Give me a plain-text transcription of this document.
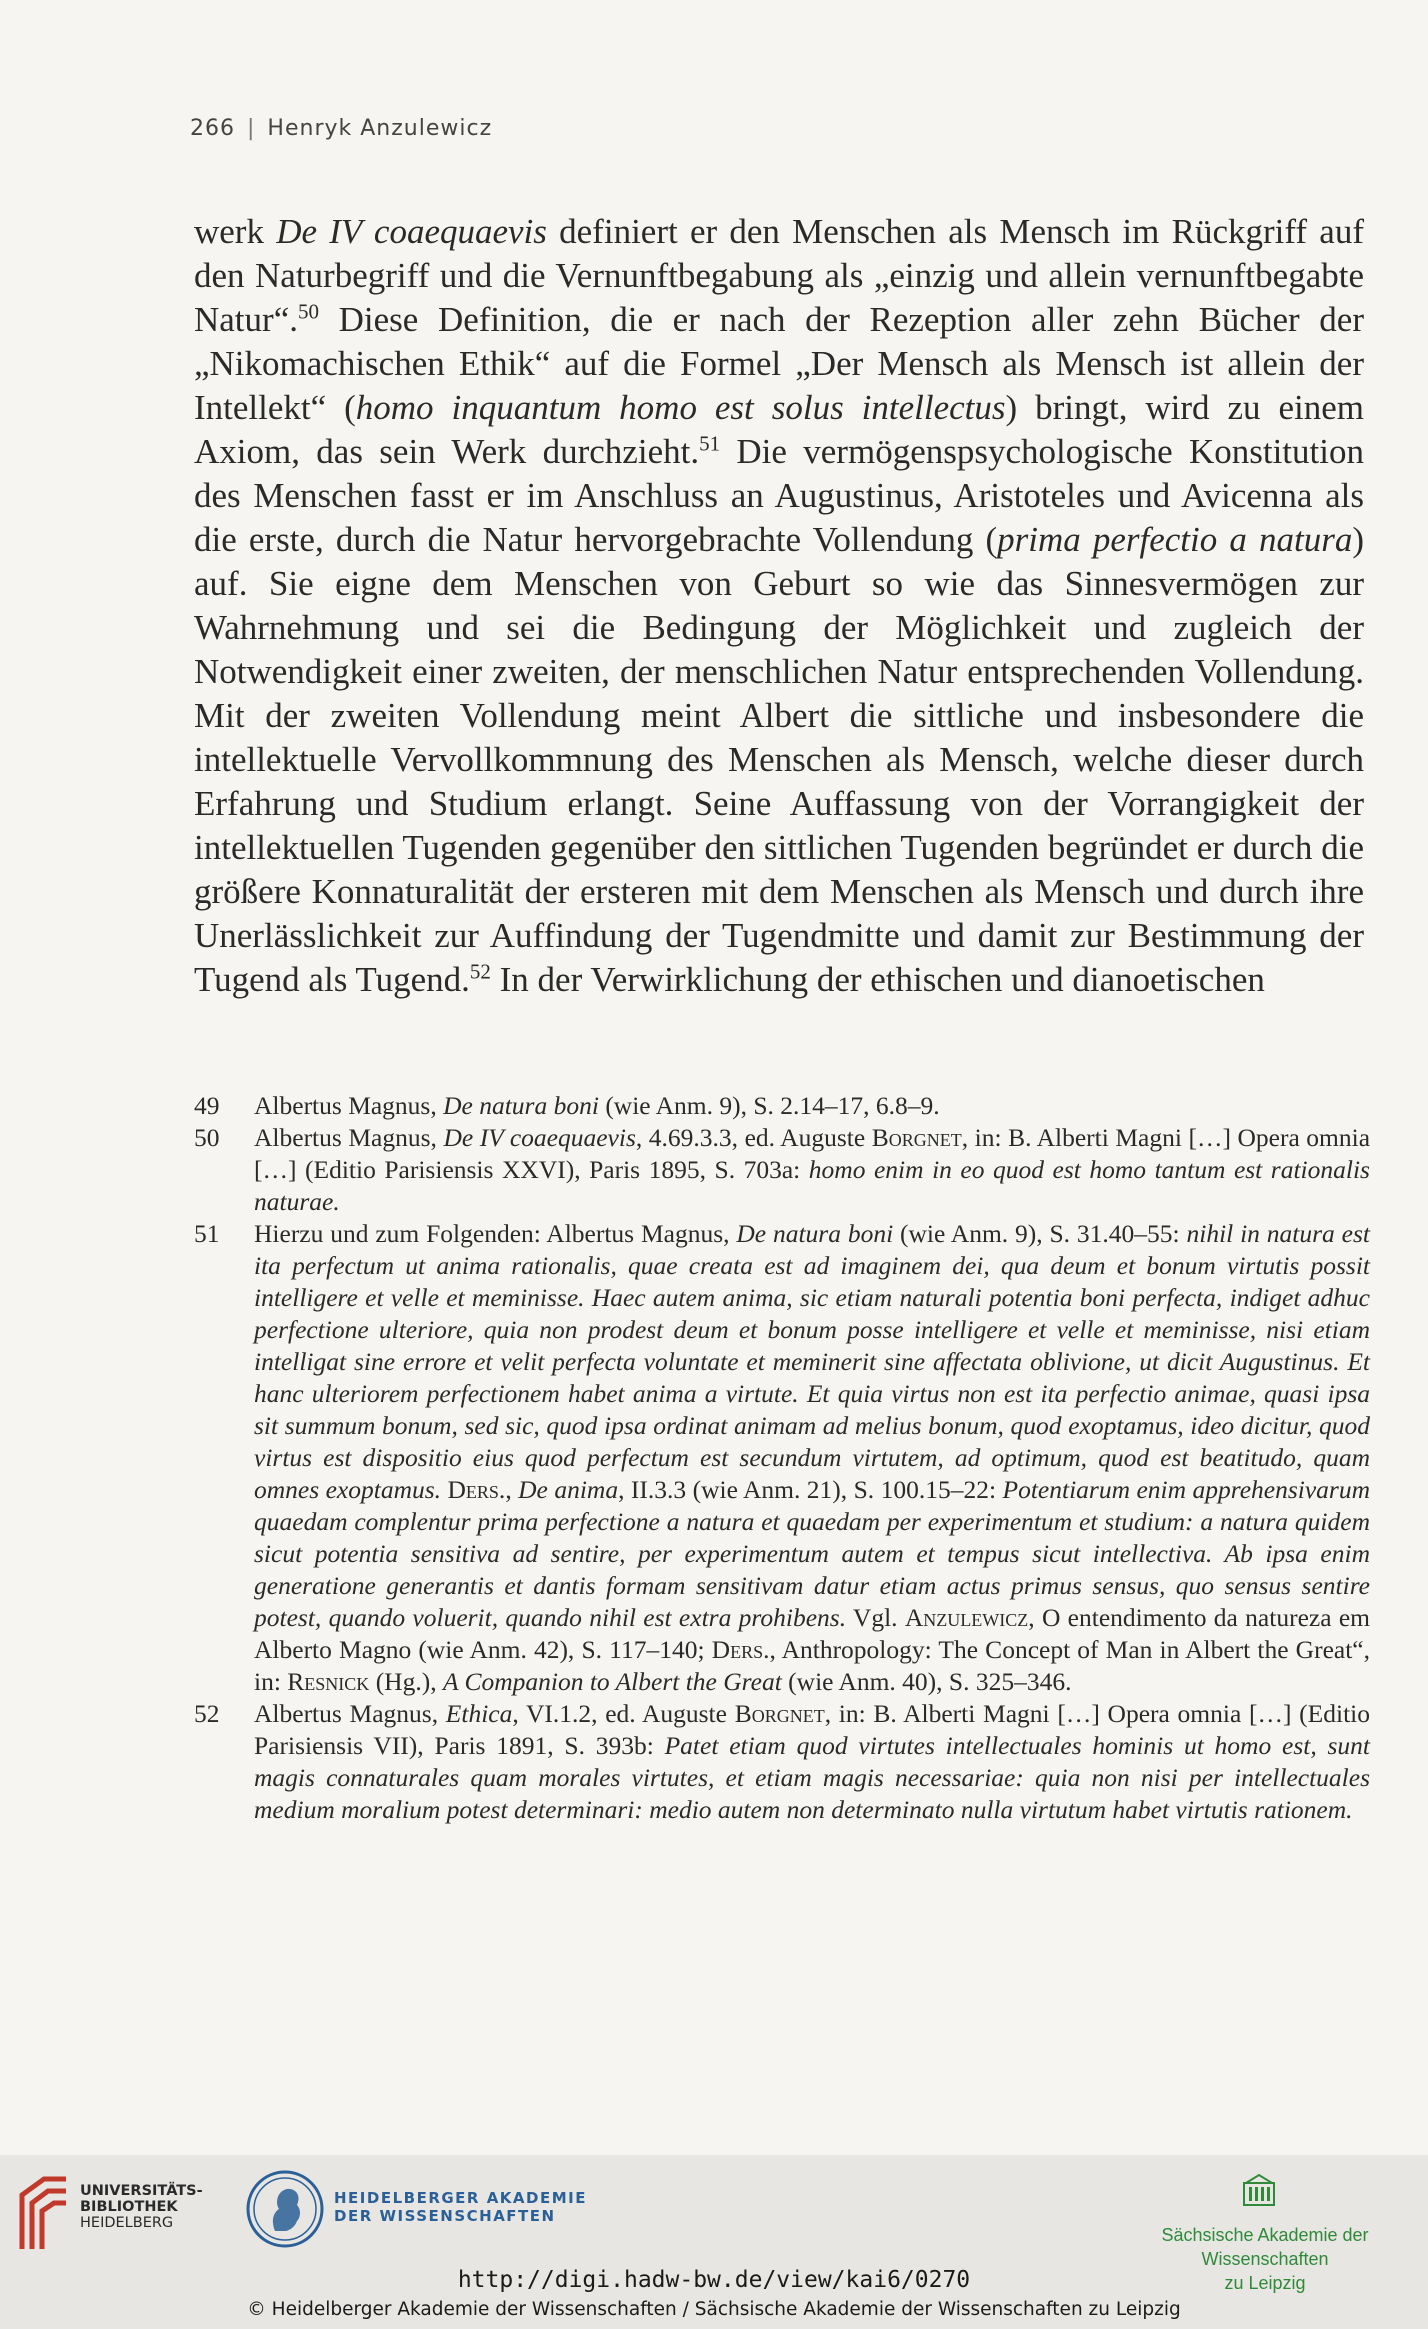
266 | Henryk Anzulewicz

werk De IV coaequaevis definiert er den Menschen als Mensch im Rückgriff auf den Naturbegriff und die Vernunftbegabung als „einzig und allein vernunftbegabte Natur“.$^{50}$ Diese Definition, die er nach der Rezeption aller zehn Bücher der „Nikomachischen Ethik“ auf die Formel „Der Mensch als Mensch ist allein der Intellekt“ (homo inquantum homo est solus intellectus) bringt, wird zu einem Axiom, das sein Werk durchzieht.$^{51}$ Die vermögenspsychologische Konstitution des Menschen fasst er im Anschluss an Augustinus, Aristoteles und Avicenna als die erste, durch die Natur hervorgebrachte Vollendung (prima perfectio a natura) auf. Sie eigne dem Menschen von Geburt so wie das Sinnesvermögen zur Wahrnehmung und sei die Bedingung der Möglichkeit und zugleich der Notwendigkeit einer zweiten, der menschlichen Natur entsprechenden Vollendung. Mit der zweiten Vollendung meint Albert die sittliche und insbesondere die intellektuelle Vervollkommnung des Menschen als Mensch, welche dieser durch Erfahrung und Studium erlangt. Seine Auffassung von der Vorrangigkeit der intellektuellen Tugenden gegenüber den sittlichen Tugenden begründet er durch die größere Konnaturalität der ersteren mit dem Menschen als Mensch und durch ihre Unerlässlichkeit zur Auffindung der Tugendmitte und damit zur Bestimmung der Tugend als Tugend.$^{52}$ In der Verwirklichung der ethischen und dianoetischen

49 Albertus Magnus, De natura boni (wie Anm. 9), S. 2.14–17, 6.8–9.

50 Albertus Magnus, De IV coaequaevis, 4.69.3.3, ed. Auguste Borgnet, in: B. Alberti Magni […] Opera omnia […] (Editio Parisiensis XXVI), Paris 1895, S. 703a: homo enim in eo quod est homo tantum est rationalis naturae.

51 Hierzu und zum Folgenden: Albertus Magnus, De natura boni (wie Anm. 9), S. 31.40–55: nihil in natura est ita perfectum ut anima rationalis, quae creata est ad imaginem dei, qua deum et bonum virtutis possit intelligere et velle et meminisse. Haec autem anima, sic etiam naturali potentia boni perfecta, indiget adhuc perfectione ulteriore, quia non prodest deum et bonum posse intelligere et velle et meminisse, nisi etiam intelligat sine errore et velit perfecta voluntate et meminerit sine affectata oblivione, ut dicit Augustinus. Et hanc ulteriorem perfectionem habet anima a virtute. Et quia virtus non est ita perfectio animae, quasi ipsa sit summum bonum, sed sic, quod ipsa ordinat animam ad melius bonum, quod exoptamus, ideo dicitur, quod virtus est dispositio eius quod perfectum est secundum virtutem, ad optimum, quod est beatitudo, quam omnes exoptamus. Ders., De anima, II.3.3 (wie Anm. 21), S. 100.15–22: Potentiarum enim apprehensivarum quaedam complentur prima perfectione a natura et quaedam per experimentum et studium: a natura quidem sicut potentia sensitiva ad sentire, per experimentum autem et tempus sicut intellectiva. Ab ipsa enim generatione generantis et dantis formam sensitivam datur etiam actus primus sensus, quo sensus sentire potest, quando voluerit, quando nihil est extra prohibens. Vgl. Anzulewicz, O entendimento da natureza em Alberto Magno (wie Anm. 42), S. 117–140; Ders., Anthropology: The Concept of Man in Albert the Great“, in: Resnick (Hg.), A Companion to Albert the Great (wie Anm. 40), S. 325–346.

52 Albertus Magnus, Ethica, VI.1.2, ed. Auguste Borgnet, in: B. Alberti Magni […] Opera omnia […] (Editio Parisiensis VII), Paris 1891, S. 393b: Patet etiam quod virtutes intellectuales hominis ut homo est, sunt magis connaturales quam morales virtutes, et etiam magis necessariae: quia non nisi per intellectuales medium moralium potest determinari: medio autem non determinato nulla virtutum habet virtutis rationem.

UNIVERSITÄTS-
BIBLIOTHEK
HEIDELBERG
HEIDELBERGER AKADEMIE
DER WISSENSCHAFTEN
Sächsische Akademie der Wissenschaften
zu Leipzig
http://digi.hadw-bw.de/view/kai6/0270
© Heidelberger Akademie der Wissenschaften / Sächsische Akademie der Wissenschaften zu Leipzig
